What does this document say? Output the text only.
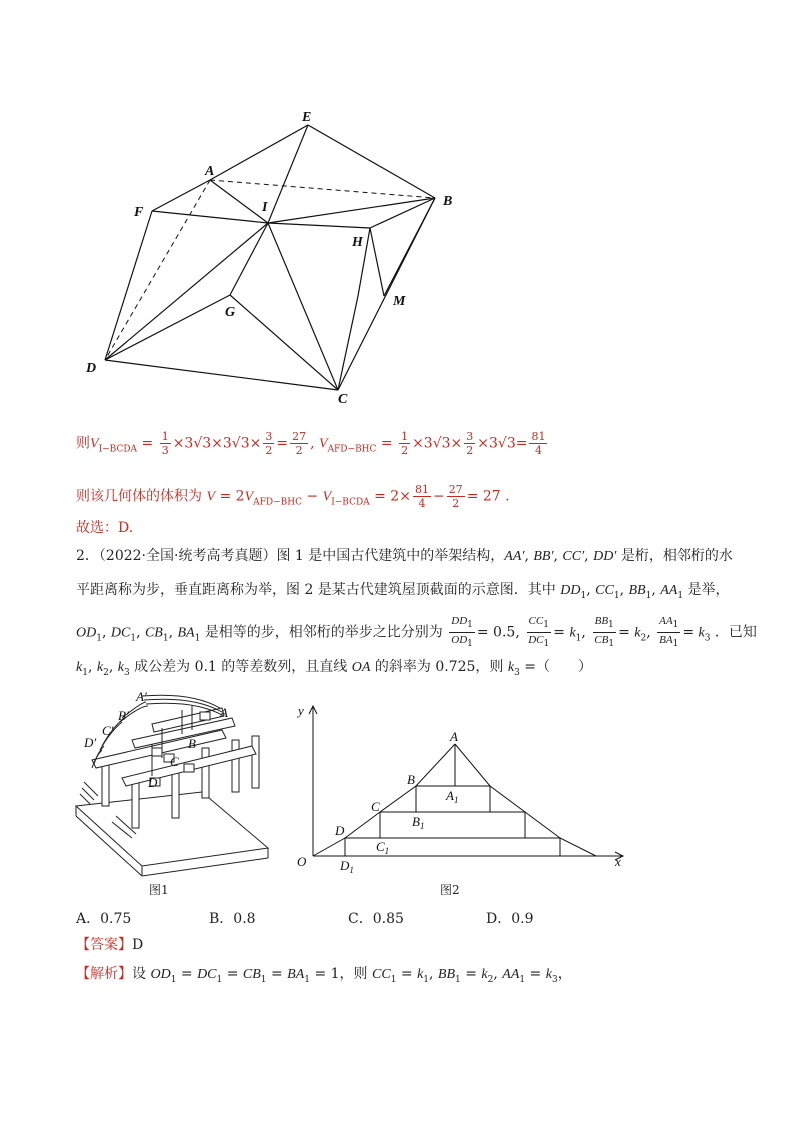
E
A
B
F	I
H
M
G
D
C
则$V_{I-BCDA} = \frac{1}{3} \times 3√3\times 3√3\times \frac{3}{2} = \frac{27}{2}$ , $V_{AFD-BHC} = \frac{1}{2} \times 3√3\times \frac{3}{2} \times 3√3= \frac{81}{4}$
则该几何体的体积为 $V = 2V_{AFD-BHC} - V_{I-BCDA} = 2\times \frac{81}{4} - \frac{27}{2} = 27$ .
故选：D.
2．（2022·全国·统考高考真题）图 1 是中国古代建筑中的举架结构，AA′, BB′, CC′, DD′ 是桁，相邻桁的水
平距离称为步，垂直距离称为举，图 2 是某古代建筑屋顶截面的示意图．其中 $DD_1$, $CC_1$, $BB_1$, $AA_1$ 是举，
$OD_1$, $DC_1$, $CB_1$, $BA_1$ 是相等的步，相邻桁的举步之比分别为 $\frac{DD_1}{OD_1} = 0.5$, $\frac{CC_1}{DC_1} = k_1$, $\frac{BB_1}{CB_1} = k_2$, $\frac{AA_1}{BA_1} = k_3$ ．已知
$k_1$, $k_2$, $k_3$ 成公差为 0.1 的等差数列，且直线 OA 的斜率为 0.725，则 $k_3$ =（　　）
A′
A
B′
B
C′
C
D′
D
图1
y
x
O
A
B
C
D
$A_1$
$B_1$
$C_1$
$D_1$
图2
A．0.75	B．0.8	C．0.85	D．0.9
【答案】D
【解析】设 $OD_1 = DC_1 = CB_1 = BA_1 = 1$，则 $CC_1 = k_1$, $BB_1 = k_2$, $AA_1 = k_3$，
